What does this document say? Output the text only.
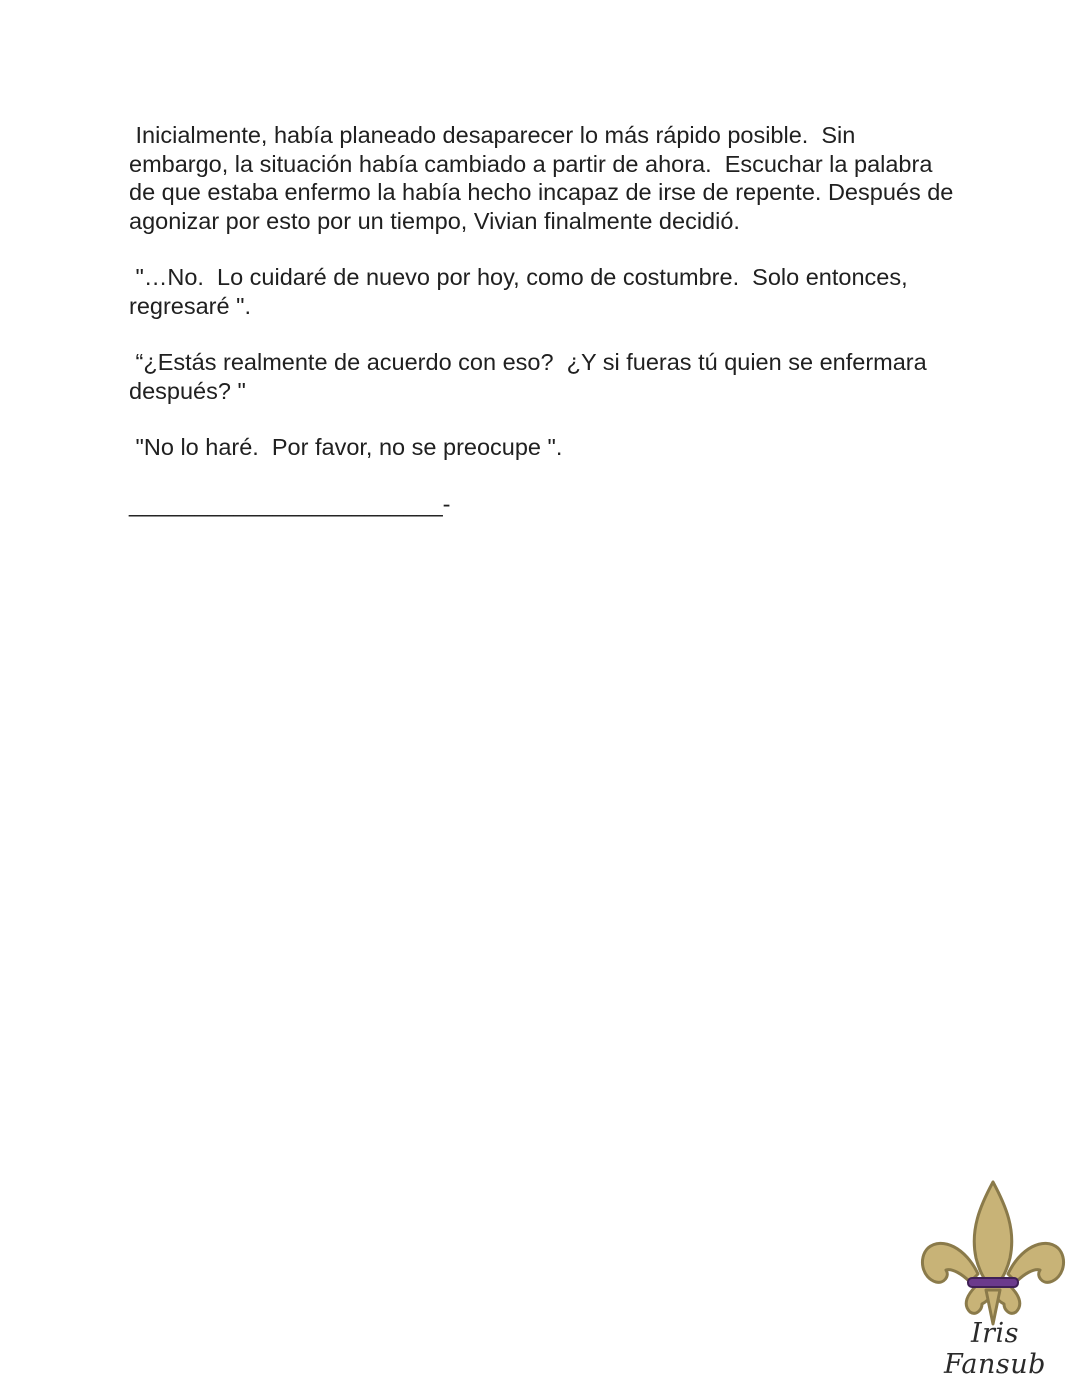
Inicialmente, había planeado desaparecer lo más rápido posible.  Sin embargo, la situación había cambiado a partir de ahora.  Escuchar la palabra de que estaba enfermo la había hecho incapaz de irse de repente. Después de agonizar por esto por un tiempo, Vivian finalmente decidió.

"…No.  Lo cuidaré de nuevo por hoy, como de costumbre.  Solo entonces, regresaré ".

“¿Estás realmente de acuerdo con eso?  ¿Y si fueras tú quien se enfermara después? "

"No lo haré.  Por favor, no se preocupe ".

________________________-

Iris Fansub
